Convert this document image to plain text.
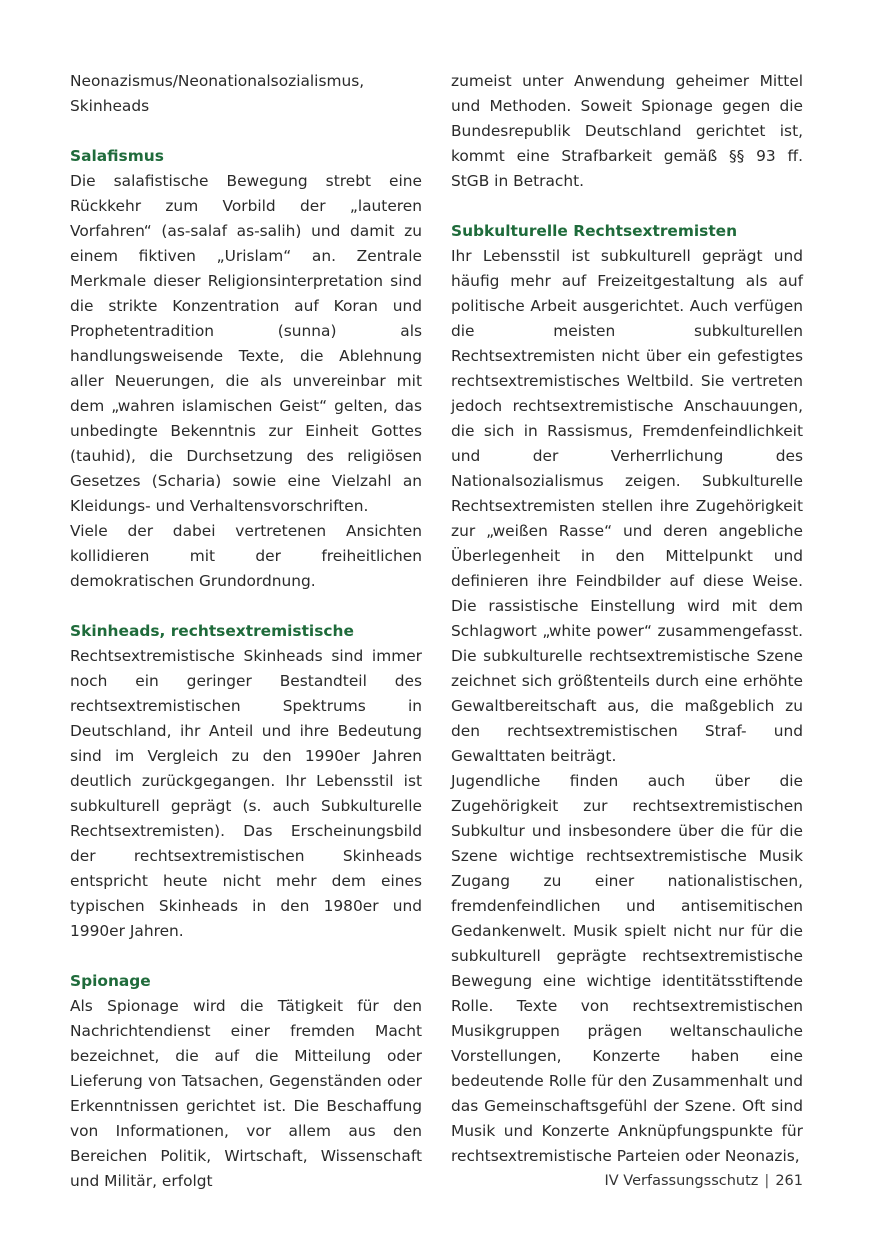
Neonazismus/Neonationalsozialismus, Skinheads

Salafismus

Die salafistische Bewegung strebt eine Rückkehr zum Vorbild der „lauteren Vorfahren“ (as-salaf as-salih) und damit zu einem fiktiven „Urislam“ an. Zentrale Merkmale dieser Religionsinterpretation sind die strikte Konzentration auf Koran und Prophetentradition (sunna) als handlungsweisende Texte, die Ablehnung aller Neuerungen, die als unvereinbar mit dem „wahren islamischen Geist“ gelten, das unbedingte Bekenntnis zur Einheit Gottes (tauhid), die Durchsetzung des religiösen Gesetzes (Scharia) sowie eine Vielzahl an Kleidungs- und Verhaltensvorschriften.

Viele der dabei vertretenen Ansichten kollidieren mit der freiheitlichen demokratischen Grundordnung.

Skinheads, rechtsextremistische

Rechtsextremistische Skinheads sind immer noch ein geringer Bestandteil des rechtsextremistischen Spektrums in Deutschland, ihr Anteil und ihre Bedeutung sind im Vergleich zu den 1990er Jahren deutlich zurückgegangen. Ihr Lebensstil ist subkulturell geprägt (s. auch Subkulturelle Rechtsextremisten). Das Erscheinungsbild der rechtsextremistischen Skinheads entspricht heute nicht mehr dem eines typischen Skinheads in den 1980er und 1990er Jahren.

Spionage

Als Spionage wird die Tätigkeit für den Nachrichtendienst einer fremden Macht bezeichnet, die auf die Mitteilung oder Lieferung von Tatsachen, Gegenständen oder Erkenntnissen gerichtet ist. Die Beschaffung von Informationen, vor allem aus den Bereichen Politik, Wirtschaft, Wissenschaft und Militär, erfolgt

zumeist unter Anwendung geheimer Mittel und Methoden. Soweit Spionage gegen die Bundesrepublik Deutschland gerichtet ist, kommt eine Strafbarkeit gemäß §§ 93 ff. StGB in Betracht.

Subkulturelle Rechtsextremisten

Ihr Lebensstil ist subkulturell geprägt und häufig mehr auf Freizeitgestaltung als auf politische Arbeit ausgerichtet. Auch verfügen die meisten subkulturellen Rechtsextremisten nicht über ein gefestigtes rechtsextremistisches Weltbild. Sie vertreten jedoch rechtsextremistische Anschauungen, die sich in Rassismus, Fremdenfeindlichkeit und der Verherrlichung des Nationalsozialismus zeigen. Subkulturelle Rechtsextremisten stellen ihre Zugehörigkeit zur „weißen Rasse“ und deren angebliche Überlegenheit in den Mittelpunkt und definieren ihre Feindbilder auf diese Weise. Die rassistische Einstellung wird mit dem Schlagwort „white power“ zusammengefasst. Die subkulturelle rechtsextremistische Szene zeichnet sich größtenteils durch eine erhöhte Gewaltbereitschaft aus, die maßgeblich zu den rechtsextremistischen Straf- und Gewalttaten beiträgt.

Jugendliche finden auch über die Zugehörigkeit zur rechtsextremistischen Subkultur und insbesondere über die für die Szene wichtige rechtsextremistische Musik Zugang zu einer nationalistischen, fremdenfeindlichen und antisemitischen Gedankenwelt. Musik spielt nicht nur für die subkulturell geprägte rechtsextremistische Bewegung eine wichtige identitätsstiftende Rolle. Texte von rechtsextremistischen Musikgruppen prägen weltanschauliche Vorstellungen, Konzerte haben eine bedeutende Rolle für den Zusammenhalt und das Gemeinschaftsgefühl der Szene. Oft sind Musik und Konzerte Anknüpfungspunkte für rechtsextremistische Parteien oder Neonazis,

IV Verfassungsschutz | 261
